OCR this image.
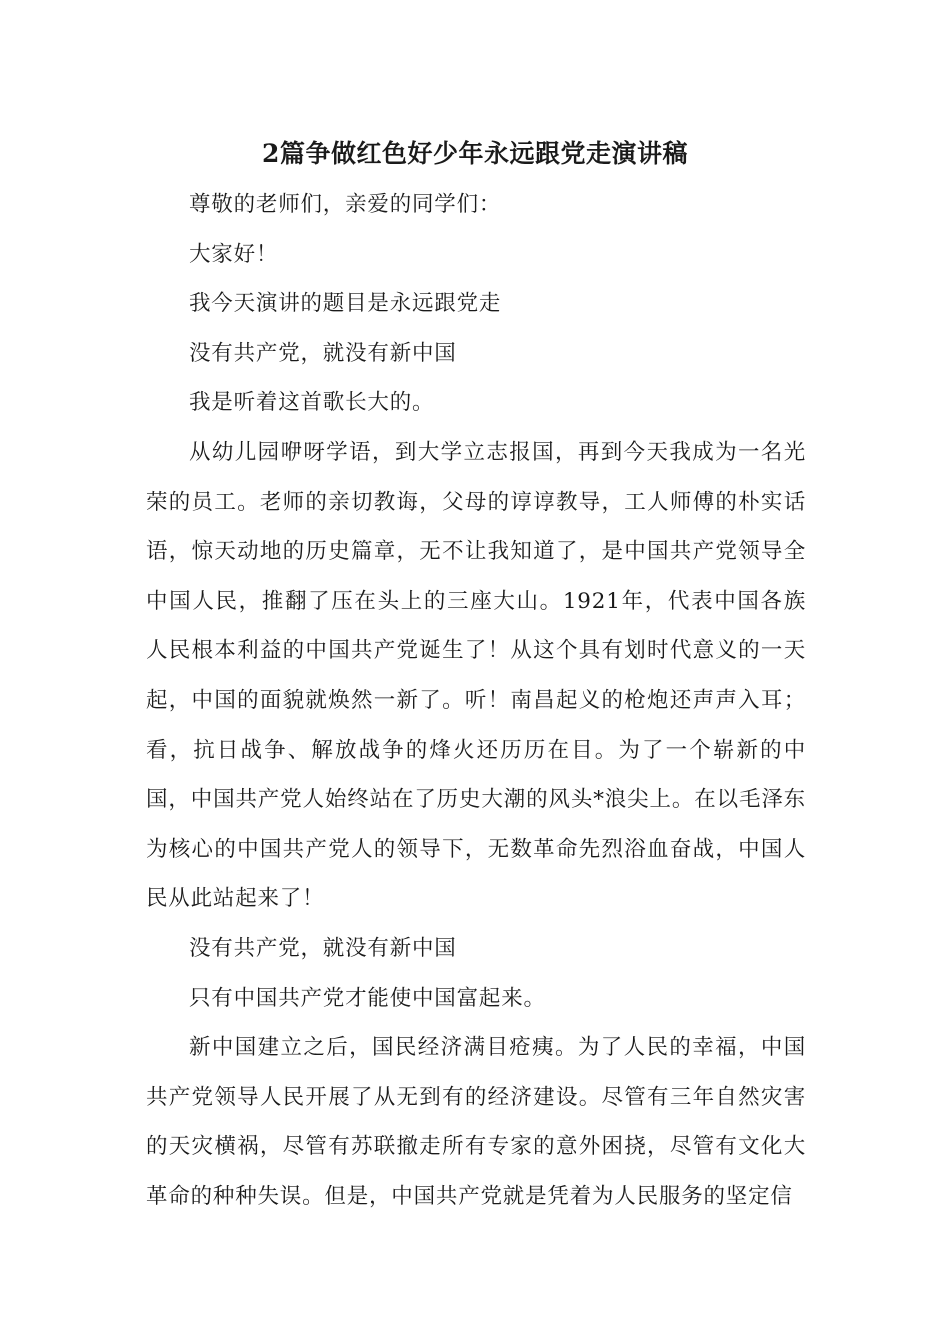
2篇争做红色好少年永远跟党走演讲稿

尊敬的老师们，亲爱的同学们：

大家好！

我今天演讲的题目是永远跟党走

没有共产党，就没有新中国

我是听着这首歌长大的。

从幼儿园咿呀学语，到大学立志报国，再到今天我成为一名光荣的员工。老师的亲切教诲，父母的谆谆教导，工人师傅的朴实话语，惊天动地的历史篇章，无不让我知道了，是中国共产党领导全中国人民，推翻了压在头上的三座大山。1921年，代表中国各族人民根本利益的中国共产党诞生了！从这个具有划时代意义的一天起，中国的面貌就焕然一新了。听！南昌起义的枪炮还声声入耳；看，抗日战争、解放战争的烽火还历历在目。为了一个崭新的中国，中国共产党人始终站在了历史大潮的风头*浪尖上。在以毛泽东为核心的中国共产党人的领导下，无数革命先烈浴血奋战，中国人民从此站起来了！

没有共产党，就没有新中国

只有中国共产党才能使中国富起来。

新中国建立之后，国民经济满目疮痍。为了人民的幸福，中国共产党领导人民开展了从无到有的经济建设。尽管有三年自然灾害的天灾横祸，尽管有苏联撤走所有专家的意外困挠，尽管有文化大革命的种种失误。但是，中国共产党就是凭着为人民服务的坚定信
